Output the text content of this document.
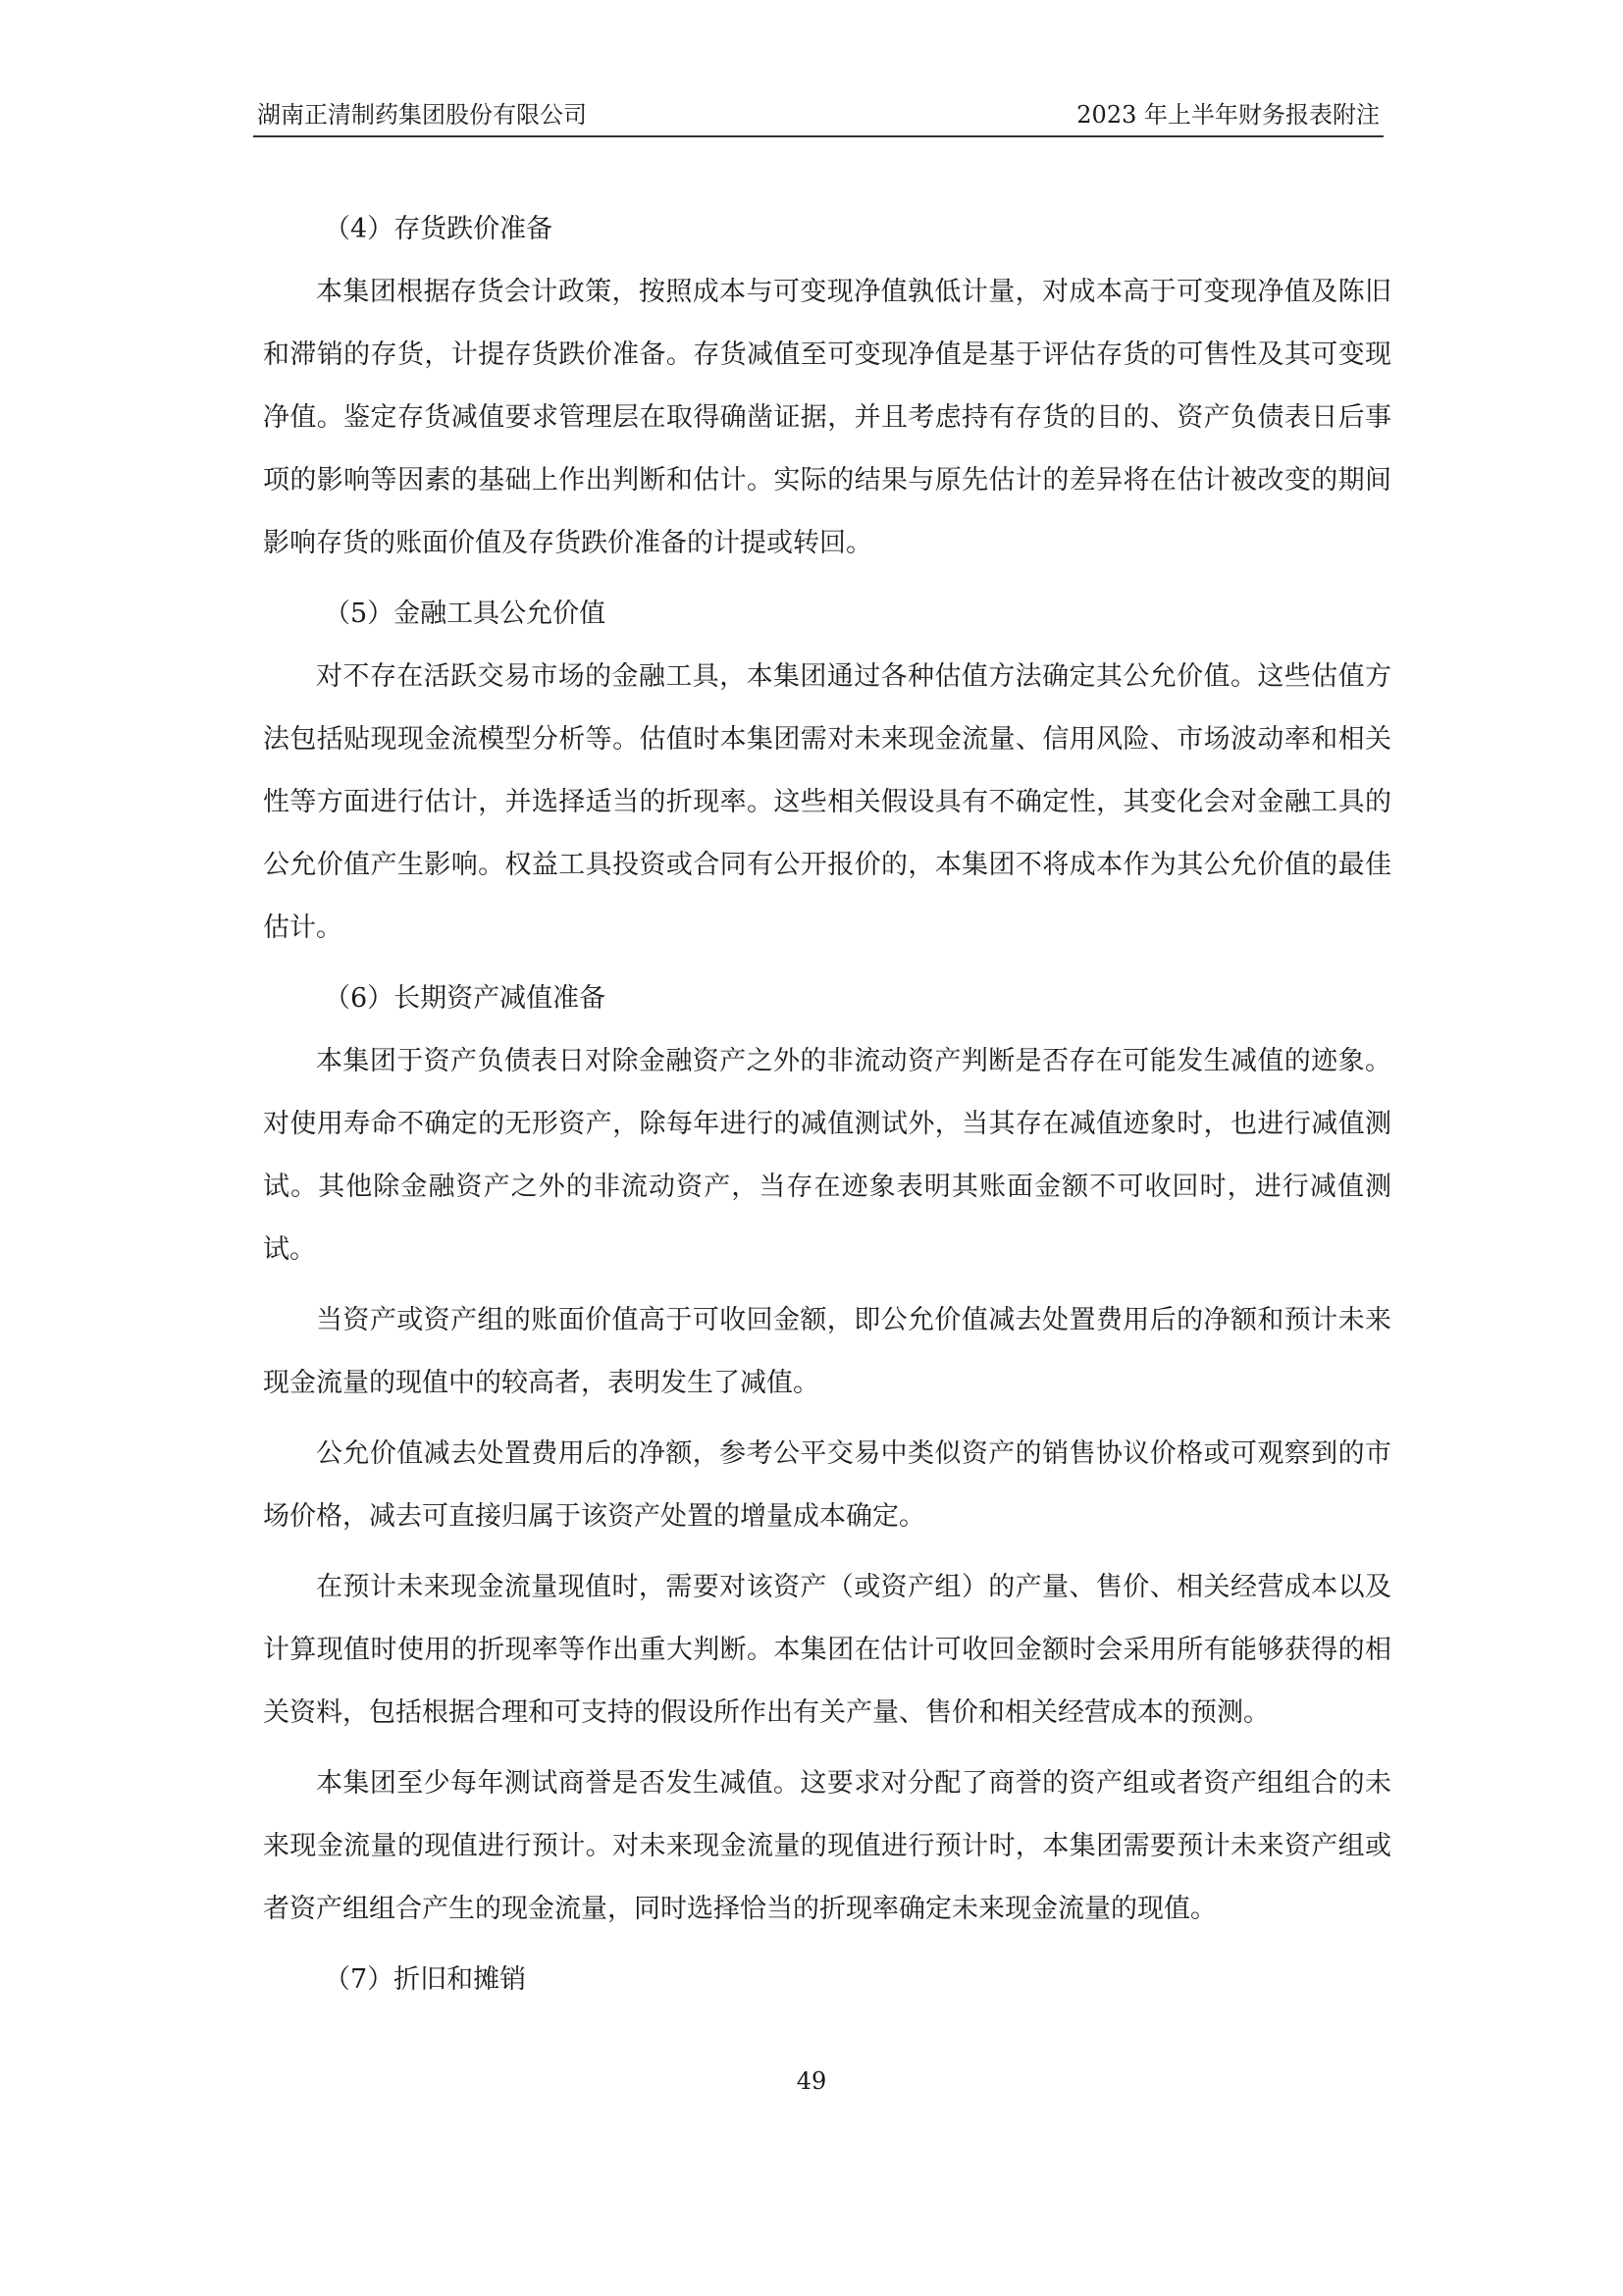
湖南正清制药集团股份有限公司	2023 年上半年财务报表附注
（4）存货跌价准备

本集团根据存货会计政策，按照成本与可变现净值孰低计量，对成本高于可变现净值及陈旧和滞销的存货，计提存货跌价准备。存货减值至可变现净值是基于评估存货的可售性及其可变现净值。鉴定存货减值要求管理层在取得确凿证据，并且考虑持有存货的目的、资产负债表日后事项的影响等因素的基础上作出判断和估计。实际的结果与原先估计的差异将在估计被改变的期间影响存货的账面价值及存货跌价准备的计提或转回。

（5）金融工具公允价值

对不存在活跃交易市场的金融工具，本集团通过各种估值方法确定其公允价值。这些估值方法包括贴现现金流模型分析等。估值时本集团需对未来现金流量、信用风险、市场波动率和相关性等方面进行估计，并选择适当的折现率。这些相关假设具有不确定性，其变化会对金融工具的公允价值产生影响。权益工具投资或合同有公开报价的，本集团不将成本作为其公允价值的最佳估计。

（6）长期资产减值准备

本集团于资产负债表日对除金融资产之外的非流动资产判断是否存在可能发生减值的迹象。对使用寿命不确定的无形资产，除每年进行的减值测试外，当其存在减值迹象时，也进行减值测试。其他除金融资产之外的非流动资产，当存在迹象表明其账面金额不可收回时，进行减值测试。

当资产或资产组的账面价值高于可收回金额，即公允价值减去处置费用后的净额和预计未来现金流量的现值中的较高者，表明发生了减值。

公允价值减去处置费用后的净额，参考公平交易中类似资产的销售协议价格或可观察到的市场价格，减去可直接归属于该资产处置的增量成本确定。

在预计未来现金流量现值时，需要对该资产（或资产组）的产量、售价、相关经营成本以及计算现值时使用的折现率等作出重大判断。本集团在估计可收回金额时会采用所有能够获得的相关资料，包括根据合理和可支持的假设所作出有关产量、售价和相关经营成本的预测。

本集团至少每年测试商誉是否发生减值。这要求对分配了商誉的资产组或者资产组组合的未来现金流量的现值进行预计。对未来现金流量的现值进行预计时，本集团需要预计未来资产组或者资产组组合产生的现金流量，同时选择恰当的折现率确定未来现金流量的现值。

（7）折旧和摊销
49
